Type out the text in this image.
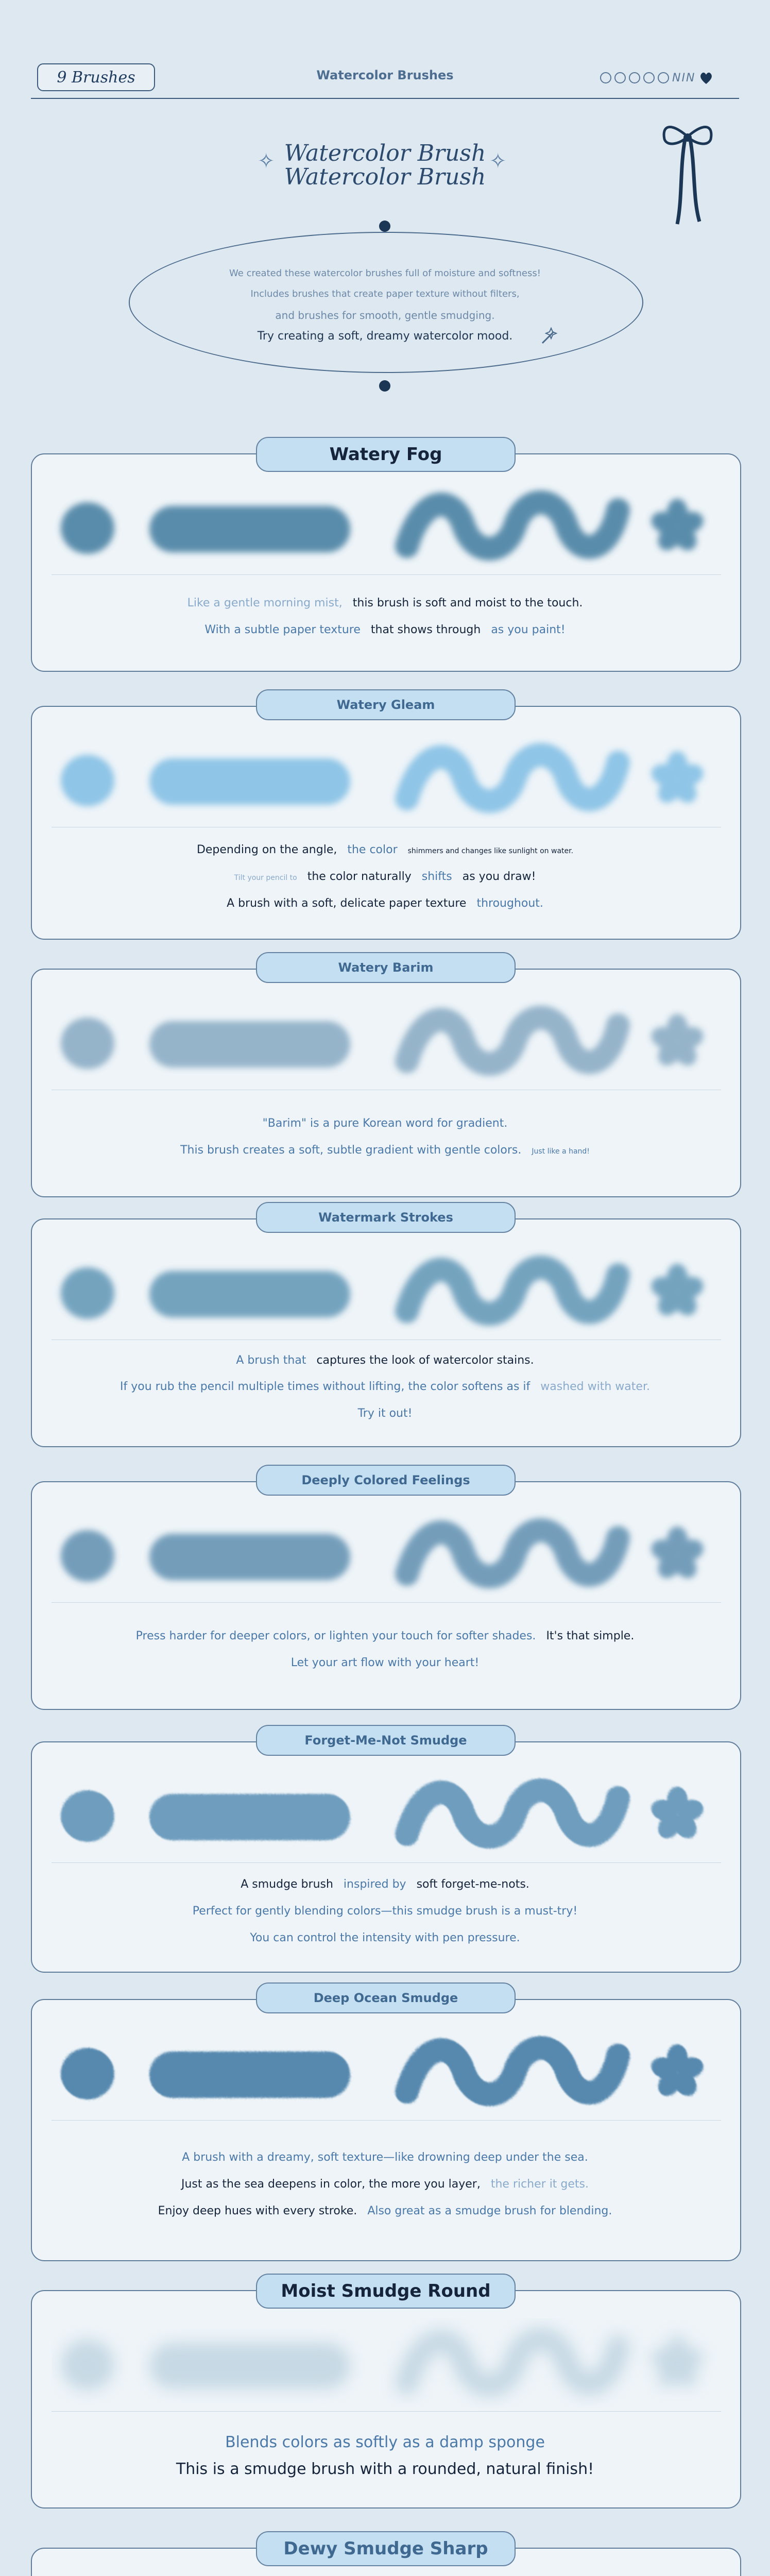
9 Brushes	Watercolor Brushes	NIN
✧	✧
Watercolor Brush
Watercolor Brush
We created these watercolor brushes full of moisture and softness!
Includes brushes that create paper texture without filters,
and brushes for smooth, gentle smudging.
Try creating a soft, dreamy watercolor mood.
Watery Fog
Like a gentle morning mist, this brush is soft and moist to the touch.
With a subtle paper texture that shows through as you paint!
Watery Gleam
Depending on the angle, the color shimmers and changes like sunlight on water.
Tilt your pencil to the color naturally shifts as you draw!
A brush with a soft, delicate paper texture throughout.
Watery Barim
"Barim" is a pure Korean word for gradient.
This brush creates a soft, subtle gradient with gentle colors. Just like a hand!
Watermark Strokes
A brush that captures the look of watercolor stains.
If you rub the pencil multiple times without lifting, the color softens as if washed with water.
Try it out!
Deeply Colored Feelings
Press harder for deeper colors, or lighten your touch for softer shades. It's that simple.
Let your art flow with your heart!
Forget-Me-Not Smudge
A smudge brush inspired by soft forget-me-nots.
Perfect for gently blending colors—this smudge brush is a must-try!
You can control the intensity with pen pressure.
Deep Ocean Smudge
A brush with a dreamy, soft texture—like drowning deep under the sea.
Just as the sea deepens in color, the more you layer, the richer it gets.
Enjoy deep hues with every stroke. Also great as a smudge brush for blending.
Moist Smudge Round
Blends colors as softly as a damp sponge
This is a smudge brush with a rounded, natural finish!
Dewy Smudge Sharp
